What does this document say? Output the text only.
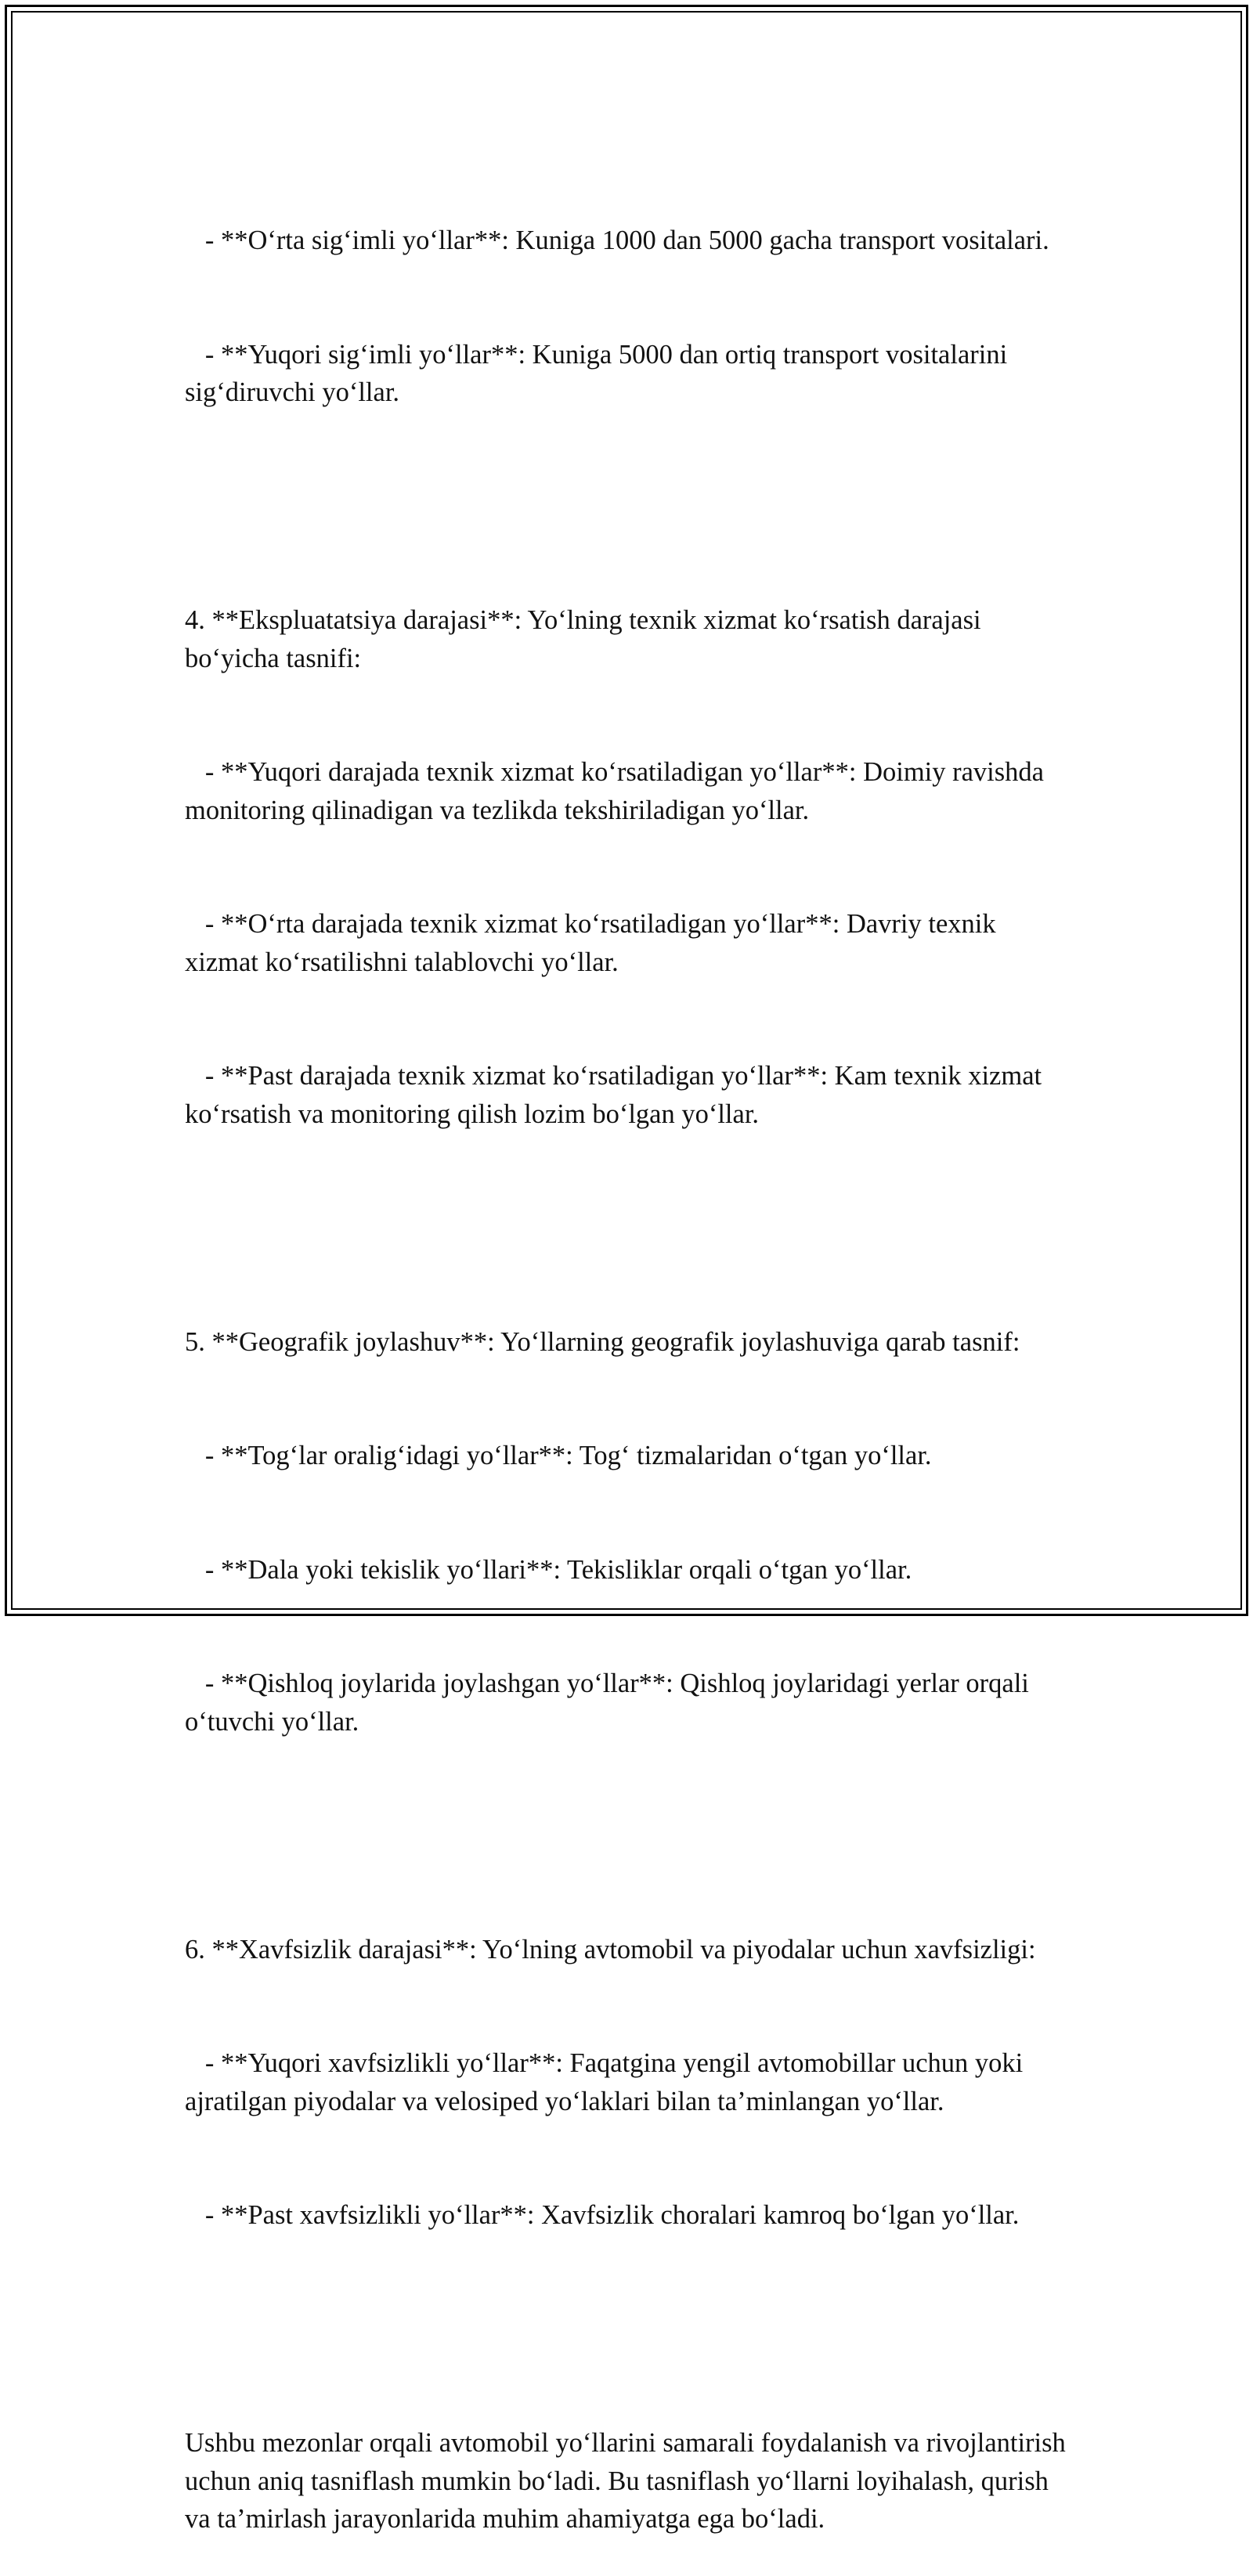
- **O‘rta sig‘imli yo‘llar**: Kuniga 1000 dan 5000 gacha transport vositalari.

- **Yuqori sig‘imli yo‘llar**: Kuniga 5000 dan ortiq transport vositalarini sig‘diruvchi yo‘llar.

4. **Ekspluatatsiya darajasi**: Yo‘lning texnik xizmat ko‘rsatish darajasi bo‘yicha tasnifi:

- **Yuqori darajada texnik xizmat ko‘rsatiladigan yo‘llar**: Doimiy ravishda monitoring qilinadigan va tezlikda tekshiriladigan yo‘llar.

- **O‘rta darajada texnik xizmat ko‘rsatiladigan yo‘llar**: Davriy texnik xizmat ko‘rsatilishni talablovchi yo‘llar.

- **Past darajada texnik xizmat ko‘rsatiladigan yo‘llar**: Kam texnik xizmat ko‘rsatish va monitoring qilish lozim bo‘lgan yo‘llar.

5. **Geografik joylashuv**: Yo‘llarning geografik joylashuviga qarab tasnif:

- **Tog‘lar oralig‘idagi yo‘llar**: Tog‘ tizmalaridan o‘tgan yo‘llar.

- **Dala yoki tekislik yo‘llari**: Tekisliklar orqali o‘tgan yo‘llar.

- **Qishloq joylarida joylashgan yo‘llar**: Qishloq joylaridagi yerlar orqali o‘tuvchi yo‘llar.

6. **Xavfsizlik darajasi**: Yo‘lning avtomobil va piyodalar uchun xavfsizligi:

- **Yuqori xavfsizlikli yo‘llar**: Faqatgina yengil avtomobillar uchun yoki ajratilgan piyodalar va velosiped yo‘laklari bilan ta’minlangan yo‘llar.

- **Past xavfsizlikli yo‘llar**: Xavfsizlik choralari kamroq bo‘lgan yo‘llar.

Ushbu mezonlar orqali avtomobil yo‘llarini samarali foydalanish va rivojlantirish uchun aniq tasniflash mumkin bo‘ladi. Bu tasniflash yo‘llarni loyihalash, qurish va ta’mirlash jarayonlarida muhim ahamiyatga ega bo‘ladi.
